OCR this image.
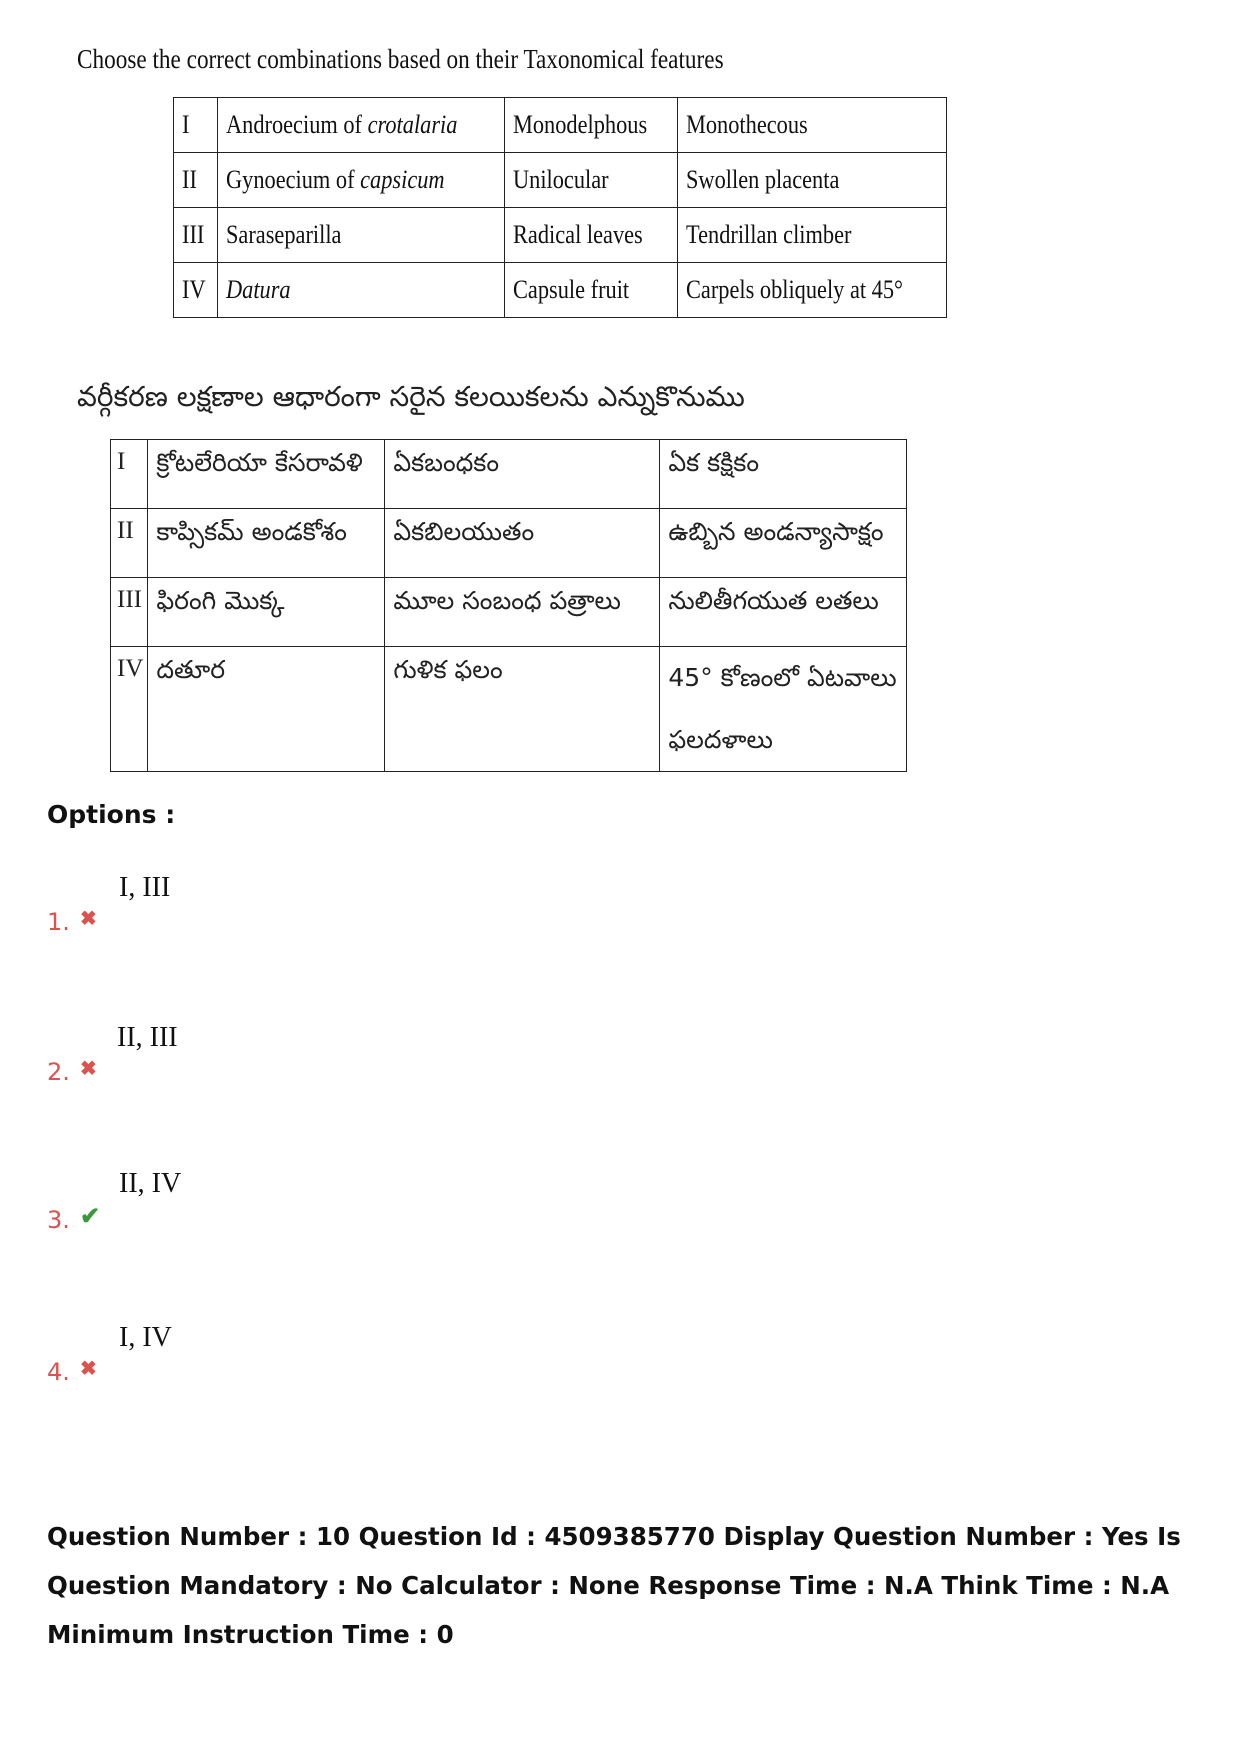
Choose the correct combinations based on their Taxonomical features
I	Androecium of crotalaria	Monodelphous	Monothecous
II	Gynoecium of capsicum	Unilocular	Swollen placenta
III	Saraseparilla	Radical leaves	Tendrillan climber
IV	Datura	Capsule fruit	Carpels obliquely at 45°
వర్గీకరణ లక్షణాల ఆధారంగా సరైన కలయికలను ఎన్నుకొనుము
I	క్రోటలేరియా కేసరావళి	ఏకబంధకం	ఏక కక్షికం
II	కాప్సికమ్ అండకోశం	ఏకబిలయుతం	ఉబ్బిన అండన్యాసాక్షం
III	ఫిరంగి మొక్క	మూల సంబంధ పత్రాలు	నులితీగయుత లతలు
IV	దతూర	గుళిక ఫలం	45° కోణంలో ఏటవాలు ఫలదళాలు
Options :
1. ✖
I, III
2. ✖
II, III
3. ✔
II, IV
4. ✖
I, IV
Question Number : 10 Question Id : 4509385770 Display Question Number : Yes Is Question Mandatory : No Calculator : None Response Time : N.A Think Time : N.A Minimum Instruction Time : 0
